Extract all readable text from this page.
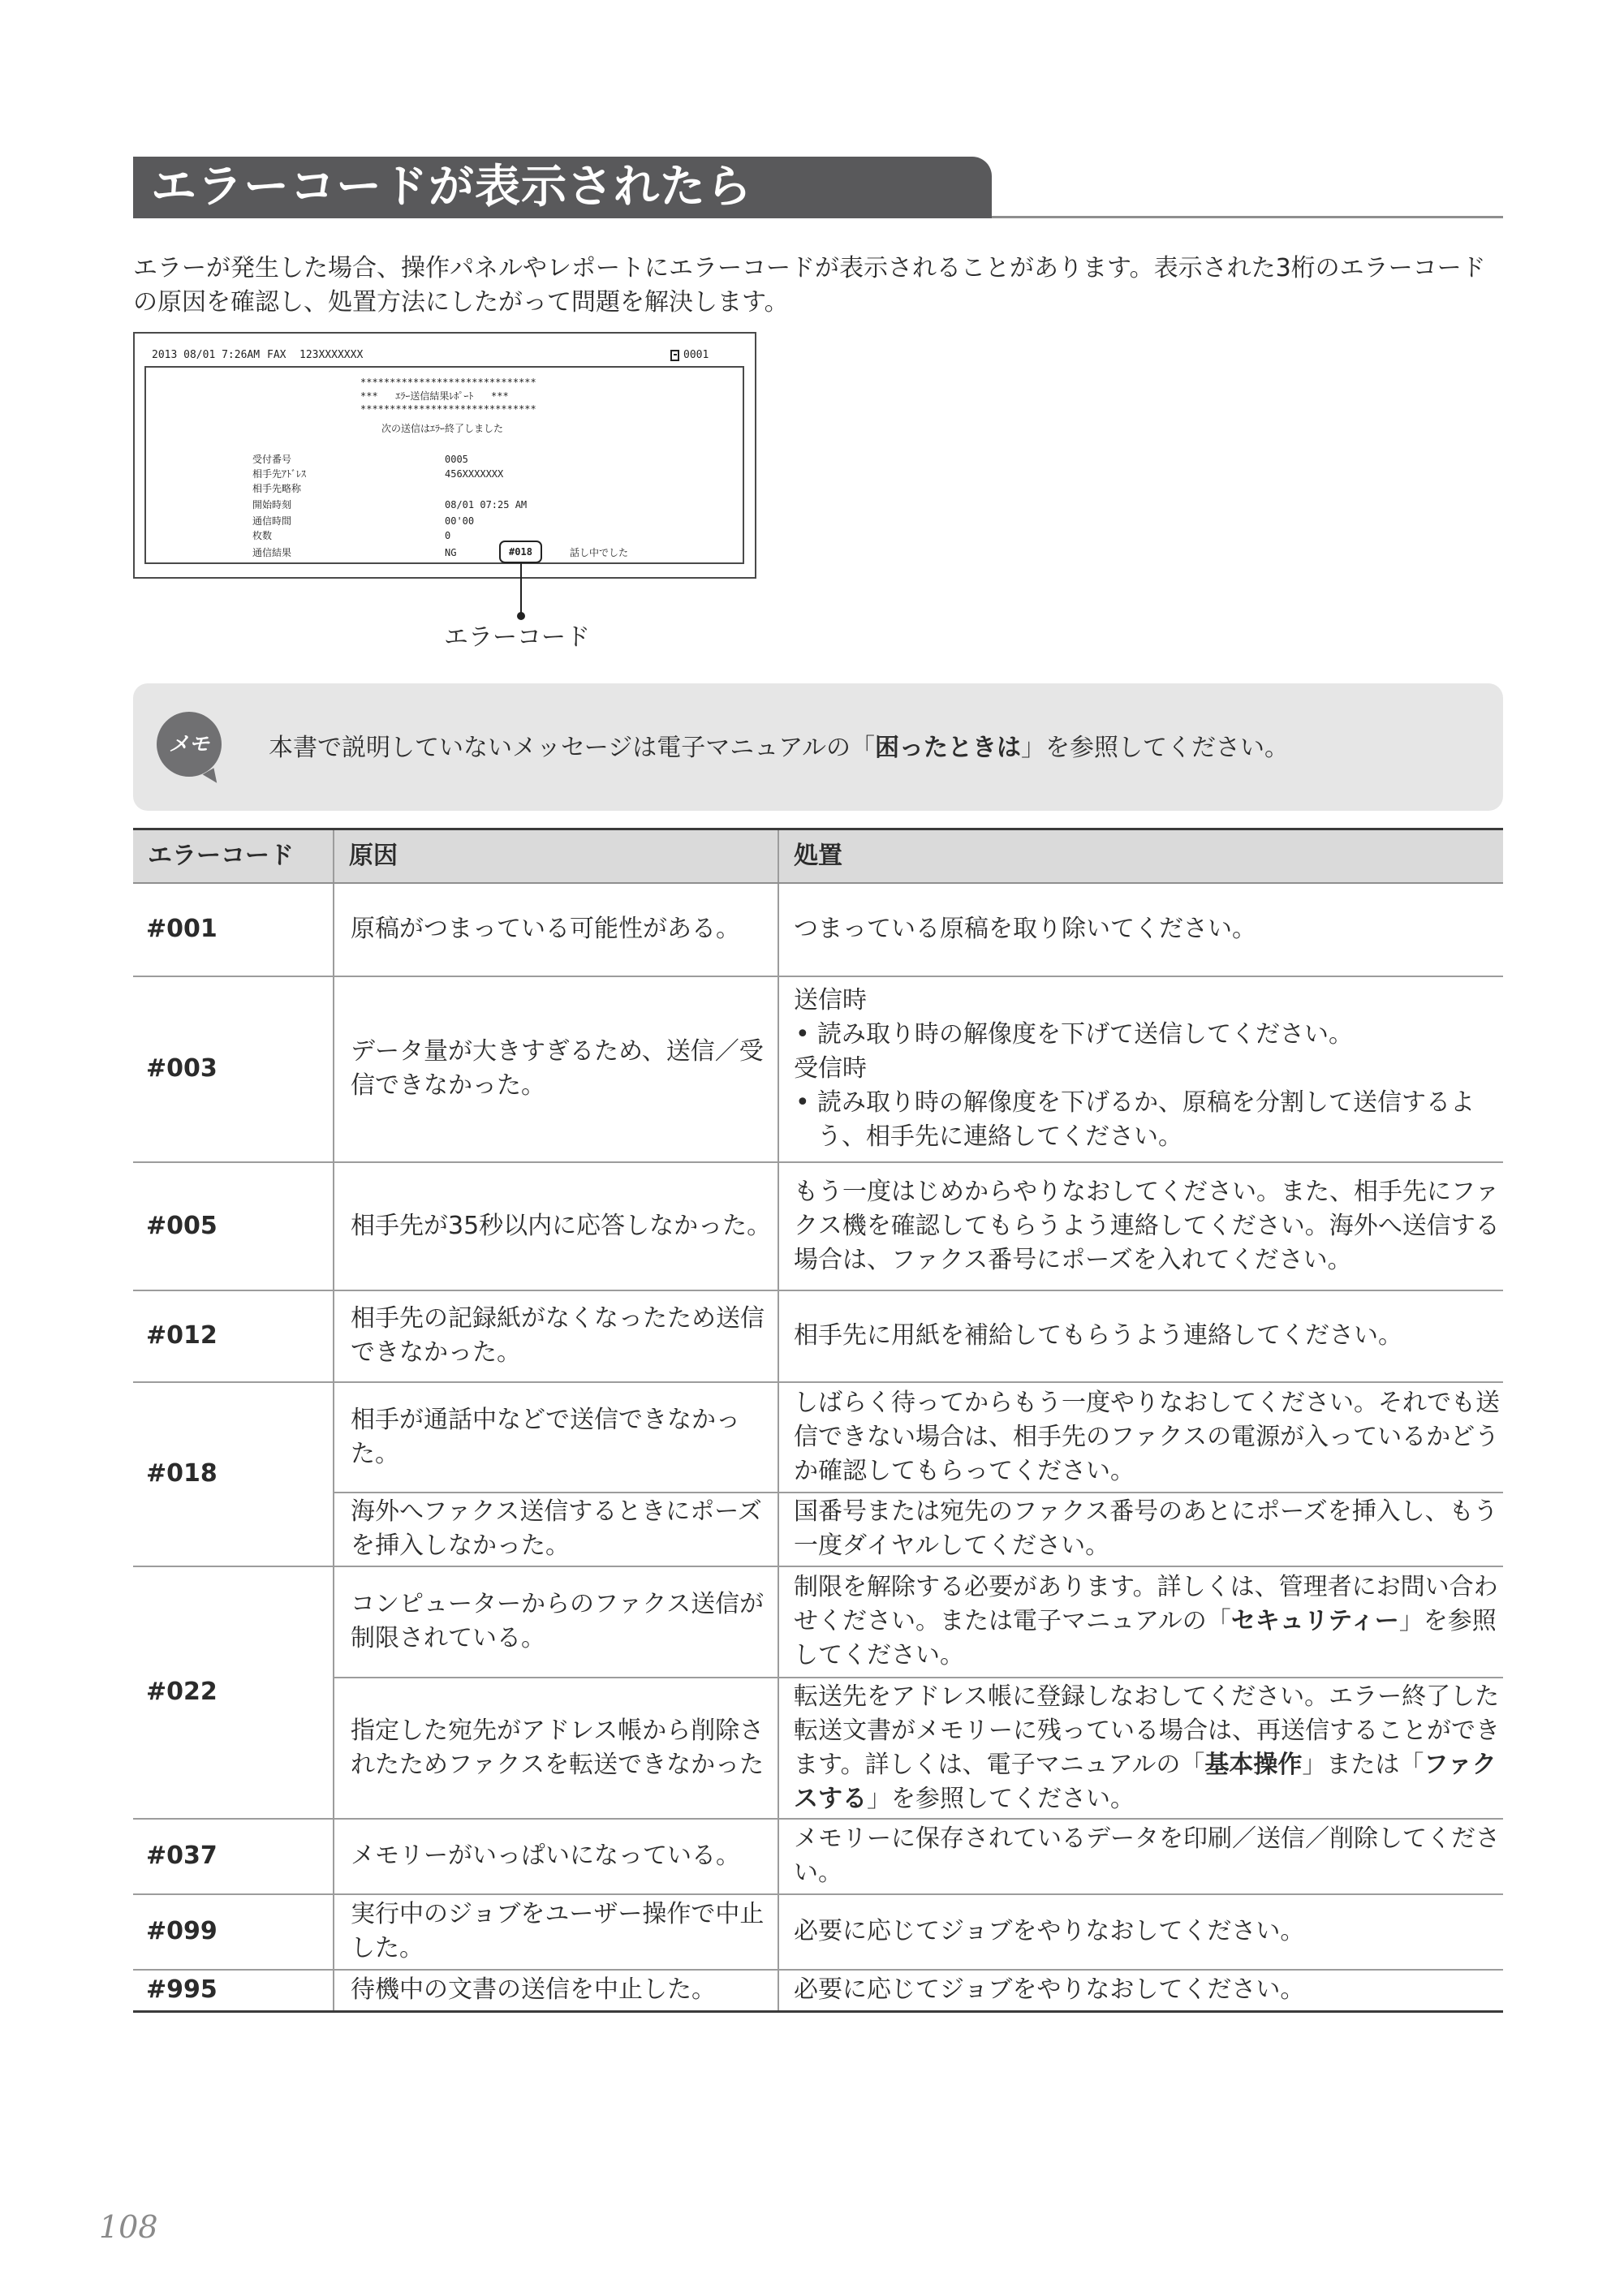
エラーコードが表示されたら

エラーが発生した場合、操作パネルやレポートにエラーコードが表示されることがあります。表示された3桁のエラーコードの原因を確認し、処置方法にしたがって問題を解決します。

2013 08/01 7:26AM FAX 123XXXXXXX	0001
******************************
***   ｴﾗｰ送信結果ﾚﾎﾟｰﾄ   ***
******************************
次の送信はｴﾗｰ終了しました
受付番号	0005
相手先ｱﾄﾞﾚｽ	456XXXXXXX
相手先略称
開始時刻	08/01 07:25 AM
通信時間	00'00
枚数	0
通信結果	NG	#018	話し中でした
エラーコード
メモ	本書で説明していないメッセージは電子マニュアルの「困ったときは」を参照してください。

エラーコード	原因	処置
#001	原稿がつまっている可能性がある。	つまっている原稿を取り除いてください。
#003	データ量が大きすぎるため、送信／受信できなかった。	送信時
• 読み取り時の解像度を下げて送信してください。
受信時
• 読み取り時の解像度を下げるか、原稿を分割して送信するよう、相手先に連絡してください。

#005	相手先が35秒以内に応答しなかった。	もう一度はじめからやりなおしてください。また、相手先にファクス機を確認してもらうよう連絡してください。海外へ送信する場合は、ファクス番号にポーズを入れてください。
#012	相手先の記録紙がなくなったため送信できなかった。	相手先に用紙を補給してもらうよう連絡してください。
#018	相手が通話中などで送信できなかった。	しばらく待ってからもう一度やりなおしてください。それでも送信できない場合は、相手先のファクスの電源が入っているかどうか確認してもらってください。
	海外へファクス送信するときにポーズを挿入しなかった。	国番号または宛先のファクス番号のあとにポーズを挿入し、もう一度ダイヤルしてください。
#022	コンピューターからのファクス送信が制限されている。	制限を解除する必要があります。詳しくは、管理者にお問い合わせください。または電子マニュアルの「セキュリティー」を参照してください。
	指定した宛先がアドレス帳から削除されたためファクスを転送できなかった	転送先をアドレス帳に登録しなおしてください。エラー終了した転送文書がメモリーに残っている場合は、再送信することができます。詳しくは、電子マニュアルの「基本操作」または「ファクスする」を参照してください。
#037	メモリーがいっぱいになっている。	メモリーに保存されているデータを印刷／送信／削除してください。
#099	実行中のジョブをユーザー操作で中止した。	必要に応じてジョブをやりなおしてください。
#995	待機中の文書の送信を中止した。	必要に応じてジョブをやりなおしてください。
108
